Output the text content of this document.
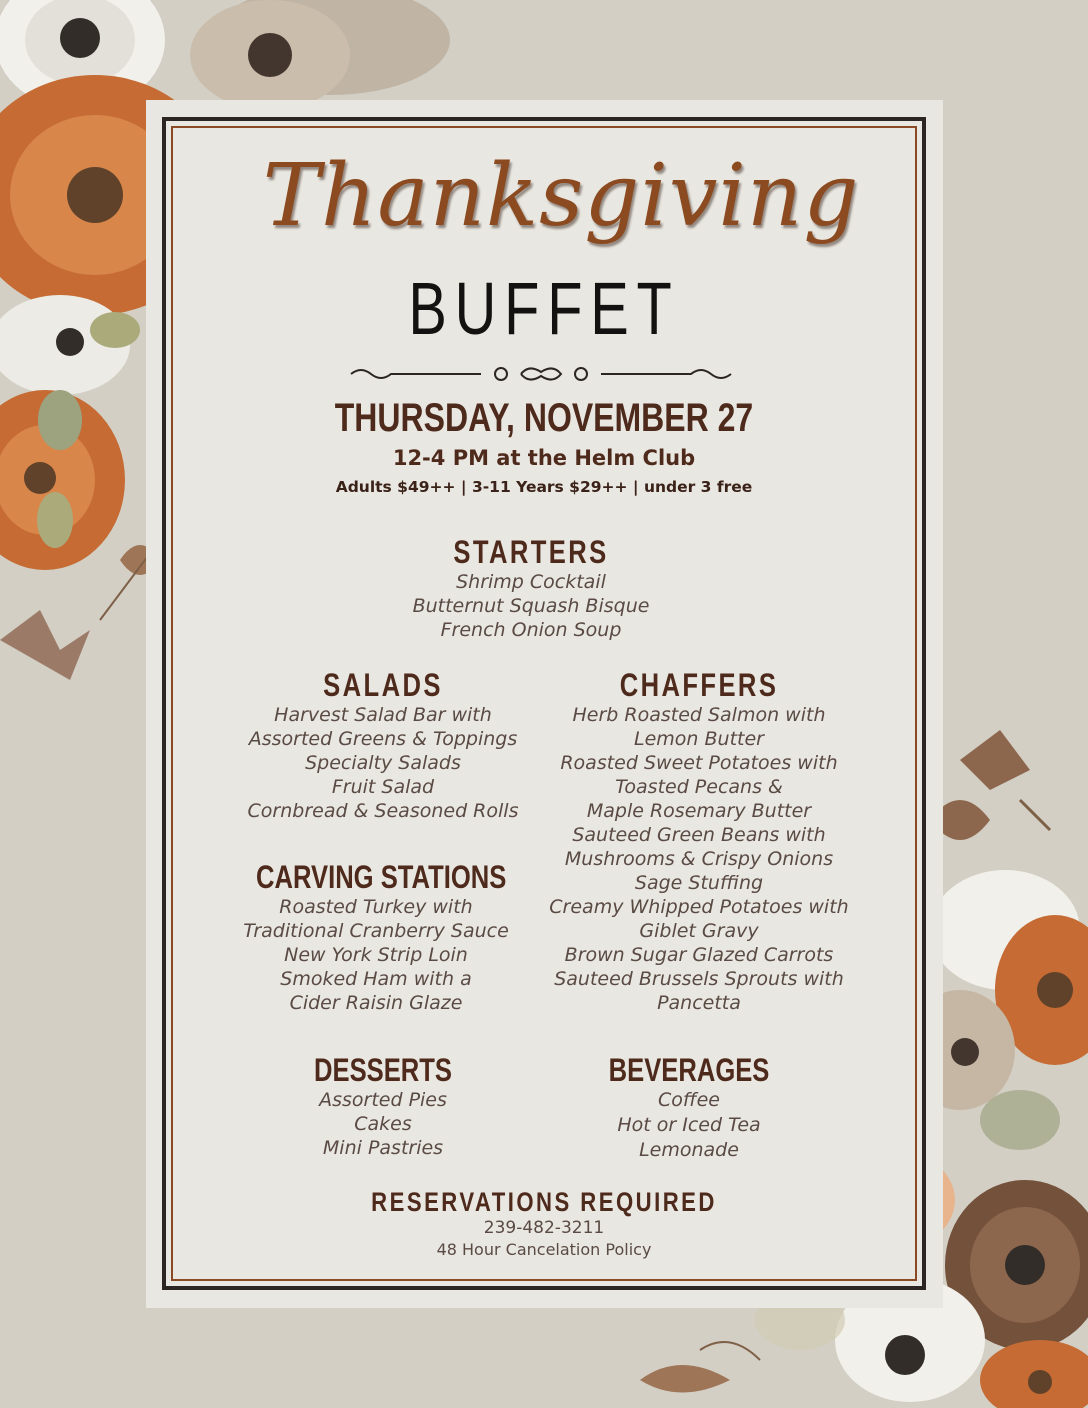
Thanksgiving
BUFFET
THURSDAY, NOVEMBER 27
12-4 PM at the Helm Club
Adults $49++ | 3-11 Years $29++ | under 3 free
STARTERS
Shrimp Cocktail
Butternut Squash Bisque
French Onion Soup
SALADS
Harvest Salad Bar with
Assorted Greens & Toppings
Specialty Salads
Fruit Salad
Cornbread & Seasoned Rolls
CARVING STATIONS
Roasted Turkey with
Traditional Cranberry Sauce
New York Strip Loin
Smoked Ham with a
Cider Raisin Glaze
CHAFFERS
Herb Roasted Salmon with
Lemon Butter
Roasted Sweet Potatoes with
Toasted Pecans &
Maple Rosemary Butter
Sauteed Green Beans with
Mushrooms & Crispy Onions
Sage Stuffing
Creamy Whipped Potatoes with
Giblet Gravy
Brown Sugar Glazed Carrots
Sauteed Brussels Sprouts with
Pancetta
DESSERTS
Assorted Pies
Cakes
Mini Pastries
BEVERAGES
Coffee
Hot or Iced Tea
Lemonade
RESERVATIONS REQUIRED
239-482-3211
48 Hour Cancelation Policy
